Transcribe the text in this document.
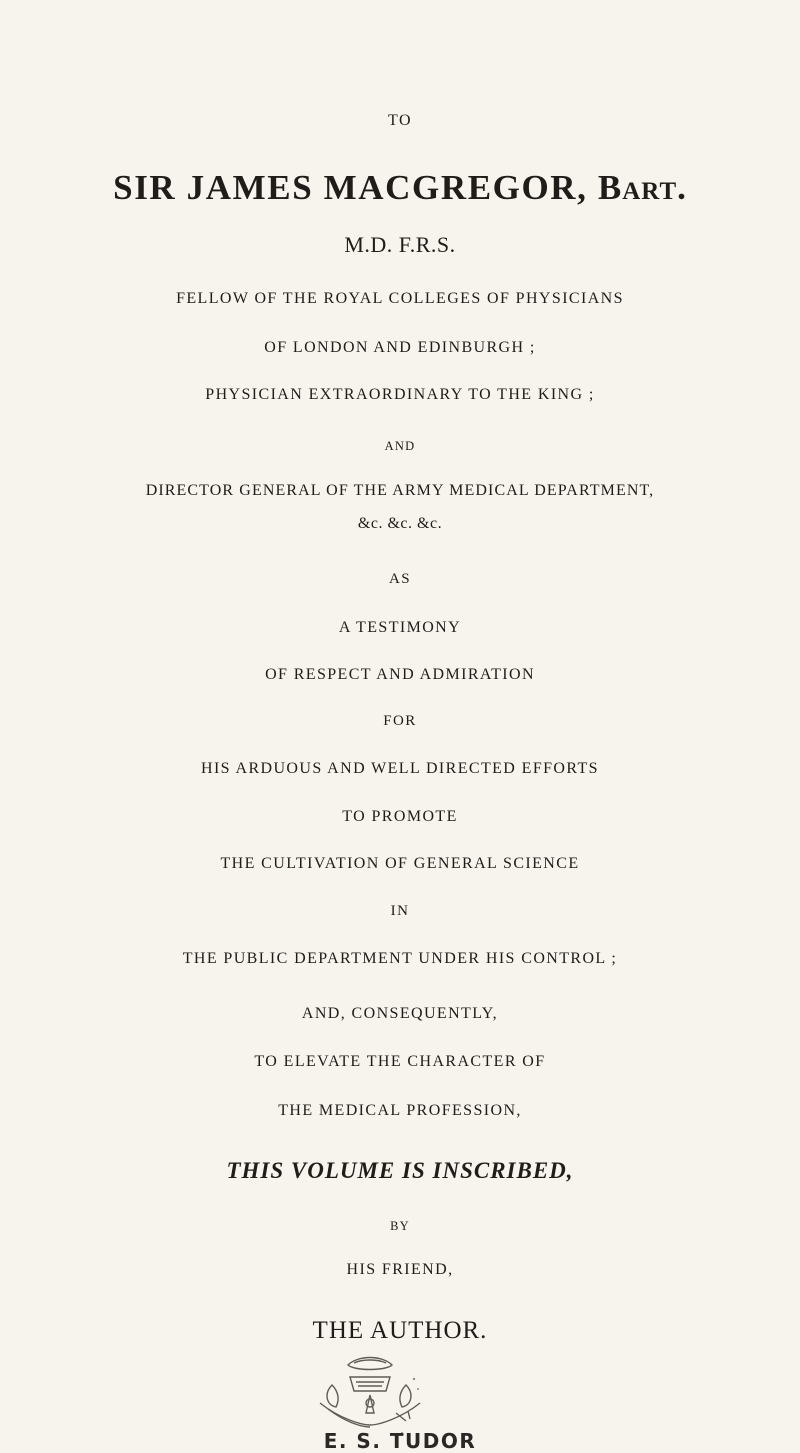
TO
SIR JAMES MACGREGOR, Bart.
M.D. F.R.S.
FELLOW OF THE ROYAL COLLEGES OF PHYSICIANS
OF LONDON AND EDINBURGH ;
PHYSICIAN EXTRAORDINARY TO THE KING ;
AND
DIRECTOR GENERAL OF THE ARMY MEDICAL DEPARTMENT,
&c. &c. &c.
AS
A TESTIMONY
OF RESPECT AND ADMIRATION
FOR
HIS ARDUOUS AND WELL DIRECTED EFFORTS
TO PROMOTE
THE CULTIVATION OF GENERAL SCIENCE
IN
THE PUBLIC DEPARTMENT UNDER HIS CONTROL ;
AND, CONSEQUENTLY,
TO ELEVATE THE CHARACTER OF
THE MEDICAL PROFESSION,
THIS VOLUME IS INSCRIBED,
BY
HIS FRIEND,
THE AUTHOR.
E. S. TUDOR
